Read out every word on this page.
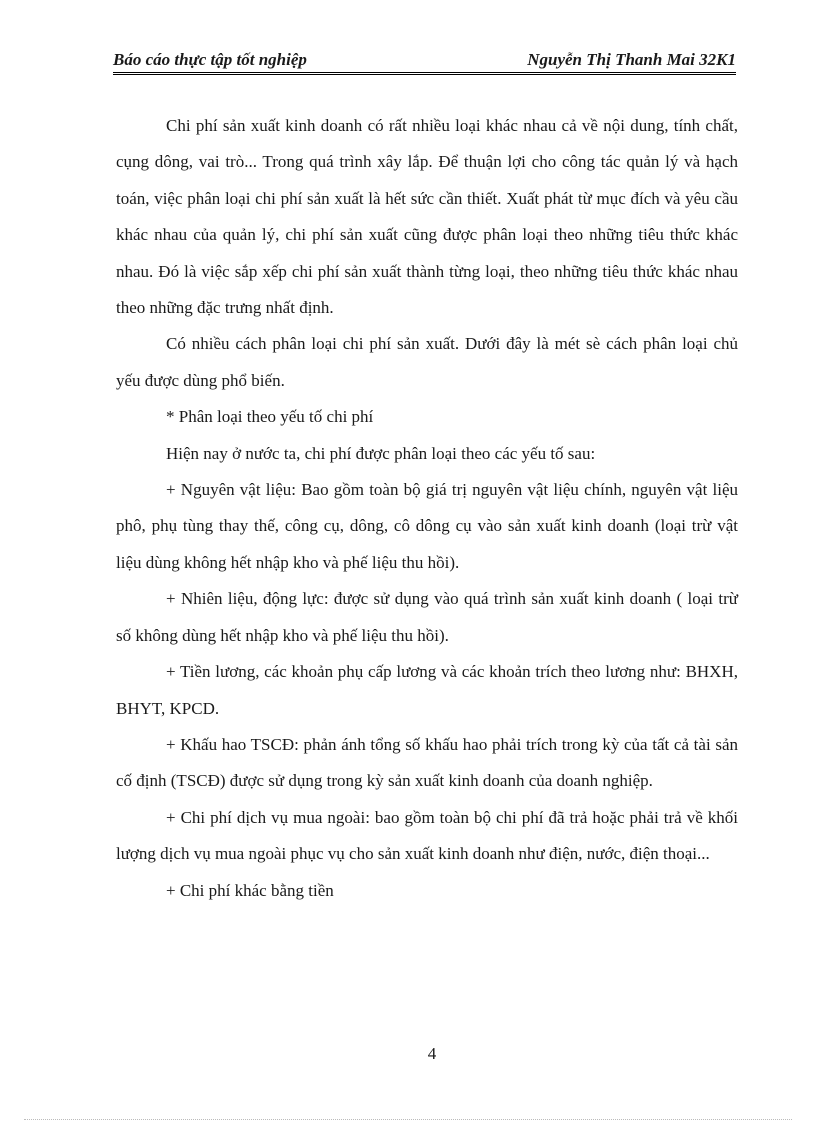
Báo cáo thực tập tốt nghiệp	Nguyễn Thị Thanh Mai 32K1

Chi phí sản xuất kinh doanh có rất nhiều loại khác nhau cả về nội dung, tính chất, cụng dông, vai trò... Trong quá trình xây lắp. Để thuận lợi cho công tác quản lý và hạch toán, việc phân loại chi phí sản xuất là hết sức cần thiết. Xuất phát từ mục đích và yêu cầu khác nhau của quản lý, chi phí sản xuất cũng được phân loại theo những tiêu thức khác nhau. Đó là việc sắp xếp chi phí sản xuất thành từng loại, theo những tiêu thức khác nhau theo những đặc trưng nhất định.

Có nhiều cách phân loại chi phí sản xuất. Dưới đây là mét sè cách phân loại chủ yếu được dùng phổ biến.

* Phân loại theo yếu tố chi phí

Hiện nay ở nước ta, chi phí được phân loại theo các yếu tố sau:

+ Nguyên vật liệu: Bao gồm toàn bộ giá trị nguyên vật liệu chính, nguyên vật liệu phô, phụ tùng thay thế, công cụ, dông, cô dông cụ vào sản xuất kinh doanh (loại trừ vật liệu dùng không hết nhập kho và phế liệu thu hồi).

+ Nhiên liệu, động lực: được sử dụng vào quá trình sản xuất kinh doanh ( loại trừ số không dùng hết nhập kho và phế liệu thu hồi).

+ Tiền lương, các khoản phụ cấp lương và các khoản trích theo lương như: BHXH, BHYT, KPCD.

+ Khấu hao TSCĐ: phản ánh tổng số khấu hao phải trích trong kỳ của tất cả tài sản cố định (TSCĐ) được sử dụng trong kỳ sản xuất kinh doanh của doanh nghiệp.

+ Chi phí dịch vụ mua ngoài: bao gồm toàn bộ chi phí đã trả hoặc phải trả về khối lượng dịch vụ mua ngoài phục vụ cho sản xuất kinh doanh như điện, nước, điện thoại...

+ Chi phí khác bằng tiền

4
